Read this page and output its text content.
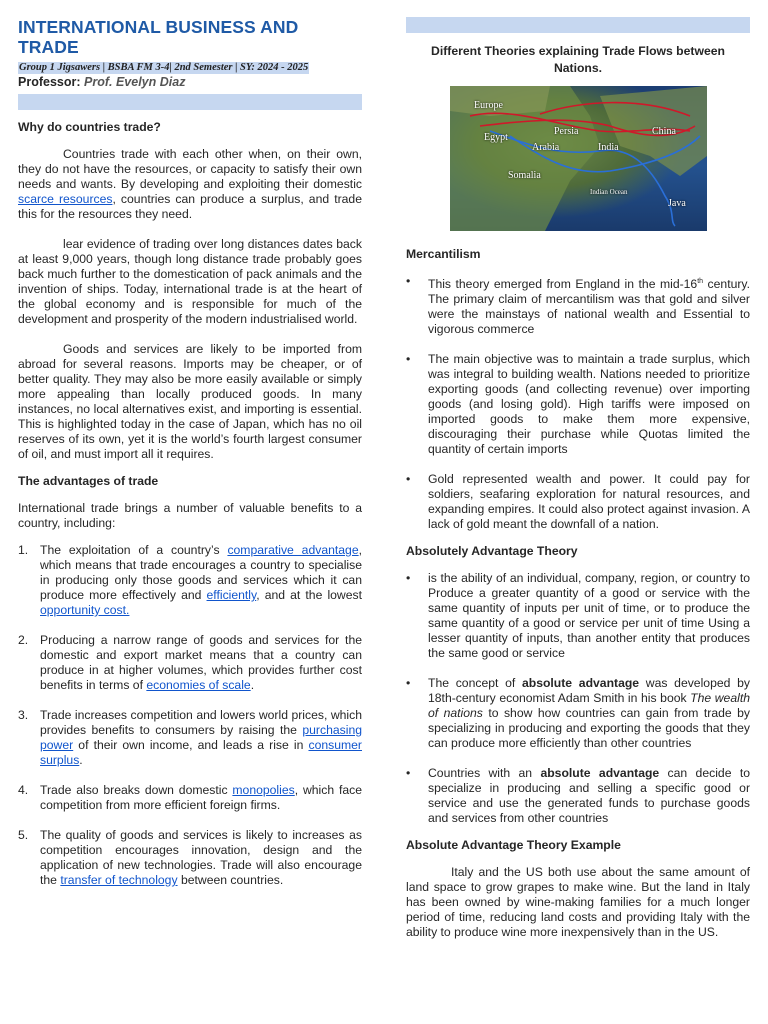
INTERNATIONAL BUSINESS AND TRADE
Group 1 Jigsawers | BSBA FM 3-4| 2nd Semester | SY: 2024 - 2025
Professor: Prof. Evelyn Diaz
Why do countries trade?

Countries trade with each other when, on their own, they do not have the resources, or capacity to satisfy their own needs and wants. By developing and exploiting their domestic scarce resources, countries can produce a surplus, and trade this for the resources they need.

lear evidence of trading over long distances dates back at least 9,000 years, though long distance trade probably goes back much further to the domestication of pack animals and the invention of ships. Today, international trade is at the heart of the global economy and is responsible for much of the development and prosperity of the modern industrialised world.

Goods and services are likely to be imported from abroad for several reasons. Imports may be cheaper, or of better quality. They may also be more easily available or simply more appealing than locally produced goods. In many instances, no local alternatives exist, and importing is essential. This is highlighted today in the case of Japan, which has no oil reserves of its own, yet it is the world’s fourth largest consumer of oil, and must import all it requires.

The advantages of trade

International trade brings a number of valuable benefits to a country, including:

1. The exploitation of a country’s comparative advantage, which means that trade encourages a country to specialise in producing only those goods and services which it can produce more effectively and efficiently, and at the lowest opportunity cost.
2. Producing a narrow range of goods and services for the domestic and export market means that a country can produce in at higher volumes, which provides further cost benefits in terms of economies of scale.
3. Trade increases competition and lowers world prices, which provides benefits to consumers by raising the purchasing power of their own income, and leads a rise in consumer surplus.
4. Trade also breaks down domestic monopolies, which face competition from more efficient foreign firms.
5. The quality of goods and services is likely to increases as competition encourages innovation, design and the application of new technologies. Trade will also encourage the transfer of technology between countries.
Different Theories explaining Trade Flows between Nations.
Europe
Persia	China
Egypt
Arabia	India
Somalia
Indian Ocean
Java
Mercantilism
• This theory emerged from England in the mid-16th century. The primary claim of mercantilism was that gold and silver were the mainstays of national wealth and Essential to vigorous commerce
• The main objective was to maintain a trade surplus, which was integral to building wealth. Nations needed to prioritize exporting goods (and collecting revenue) over importing goods (and losing gold). High tariffs were imposed on imported goods to make them more expensive, discouraging their purchase while Quotas limited the quantity of certain imports
• Gold represented wealth and power. It could pay for soldiers, seafaring exploration for natural resources, and expanding empires. It could also protect against invasion. A lack of gold meant the downfall of a nation.
Absolutely Advantage Theory
• is the ability of an individual, company, region, or country to Produce a greater quantity of a good or service with the same quantity of inputs per unit of time, or to produce the same quantity of a good or service per unit of time Using a lesser quantity of inputs, than another entity that produces the same good or service
• The concept of absolute advantage was developed by 18th-century economist Adam Smith in his book The wealth of nations to show how countries can gain from trade by specializing in producing and exporting the goods that they can produce more efficiently than other countries
• Countries with an absolute advantage can decide to specialize in producing and selling a specific good or service and use the generated funds to purchase goods and services from other countries
Absolute Advantage Theory Example

Italy and the US both use about the same amount of land space to grow grapes to make wine. But the land in Italy has been owned by wine-making families for a much longer period of time, reducing land costs and providing Italy with the ability to produce wine more inexpensively than in the US.
